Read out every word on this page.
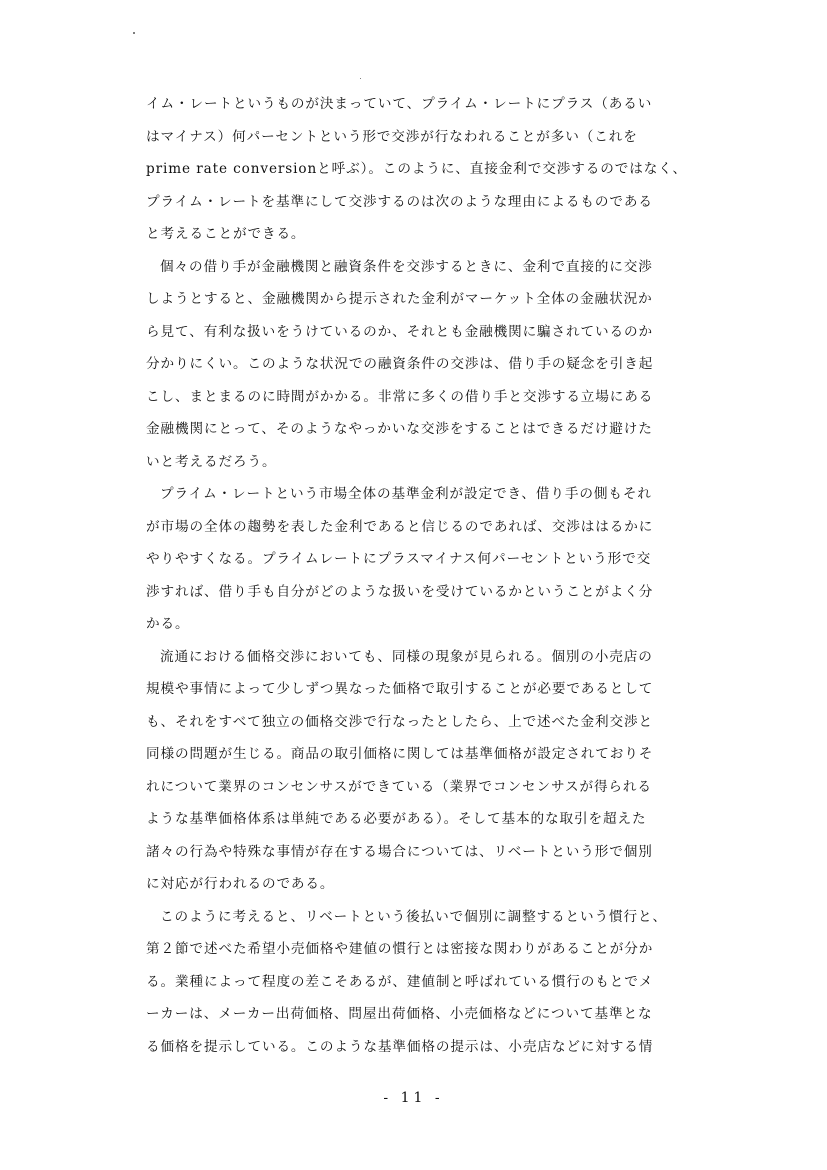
イム・レートというものが決まっていて、プライム・レートにプラス（あるい
はマイナス）何パーセントという形で交渉が行なわれることが多い（これを
prime rate conversionと呼ぶ）。このように、直接金利で交渉するのではなく、
プライム・レートを基準にして交渉するのは次のような理由によるものである
と考えることができる。
個々の借り手が金融機関と融資条件を交渉するときに、金利で直接的に交渉
しようとすると、金融機関から提示された金利がマーケット全体の金融状況か
ら見て、有利な扱いをうけているのか、それとも金融機関に騙されているのか
分かりにくい。このような状況での融資条件の交渉は、借り手の疑念を引き起
こし、まとまるのに時間がかかる。非常に多くの借り手と交渉する立場にある
金融機関にとって、そのようなやっかいな交渉をすることはできるだけ避けた
いと考えるだろう。
プライム・レートという市場全体の基準金利が設定でき、借り手の側もそれ
が市場の全体の趨勢を表した金利であると信じるのであれば、交渉ははるかに
やりやすくなる。プライムレートにプラスマイナス何パーセントという形で交
渉すれば、借り手も自分がどのような扱いを受けているかということがよく分
かる。
流通における価格交渉においても、同様の現象が見られる。個別の小売店の
規模や事情によって少しずつ異なった価格で取引することが必要であるとして
も、それをすべて独立の価格交渉で行なったとしたら、上で述べた金利交渉と
同様の問題が生じる。商品の取引価格に関しては基準価格が設定されておりそ
れについて業界のコンセンサスができている（業界でコンセンサスが得られる
ような基準価格体系は単純である必要がある）。そして基本的な取引を超えた
諸々の行為や特殊な事情が存在する場合については、リベートという形で個別
に対応が行われるのである。
このように考えると、リベートという後払いで個別に調整するという慣行と、
第２節で述べた希望小売価格や建値の慣行とは密接な関わりがあることが分か
る。業種によって程度の差こそあるが、建値制と呼ばれている慣行のもとでメ
ーカーは、メーカー出荷価格、問屋出荷価格、小売価格などについて基準とな
る価格を提示している。このような基準価格の提示は、小売店などに対する情
- 11 -
